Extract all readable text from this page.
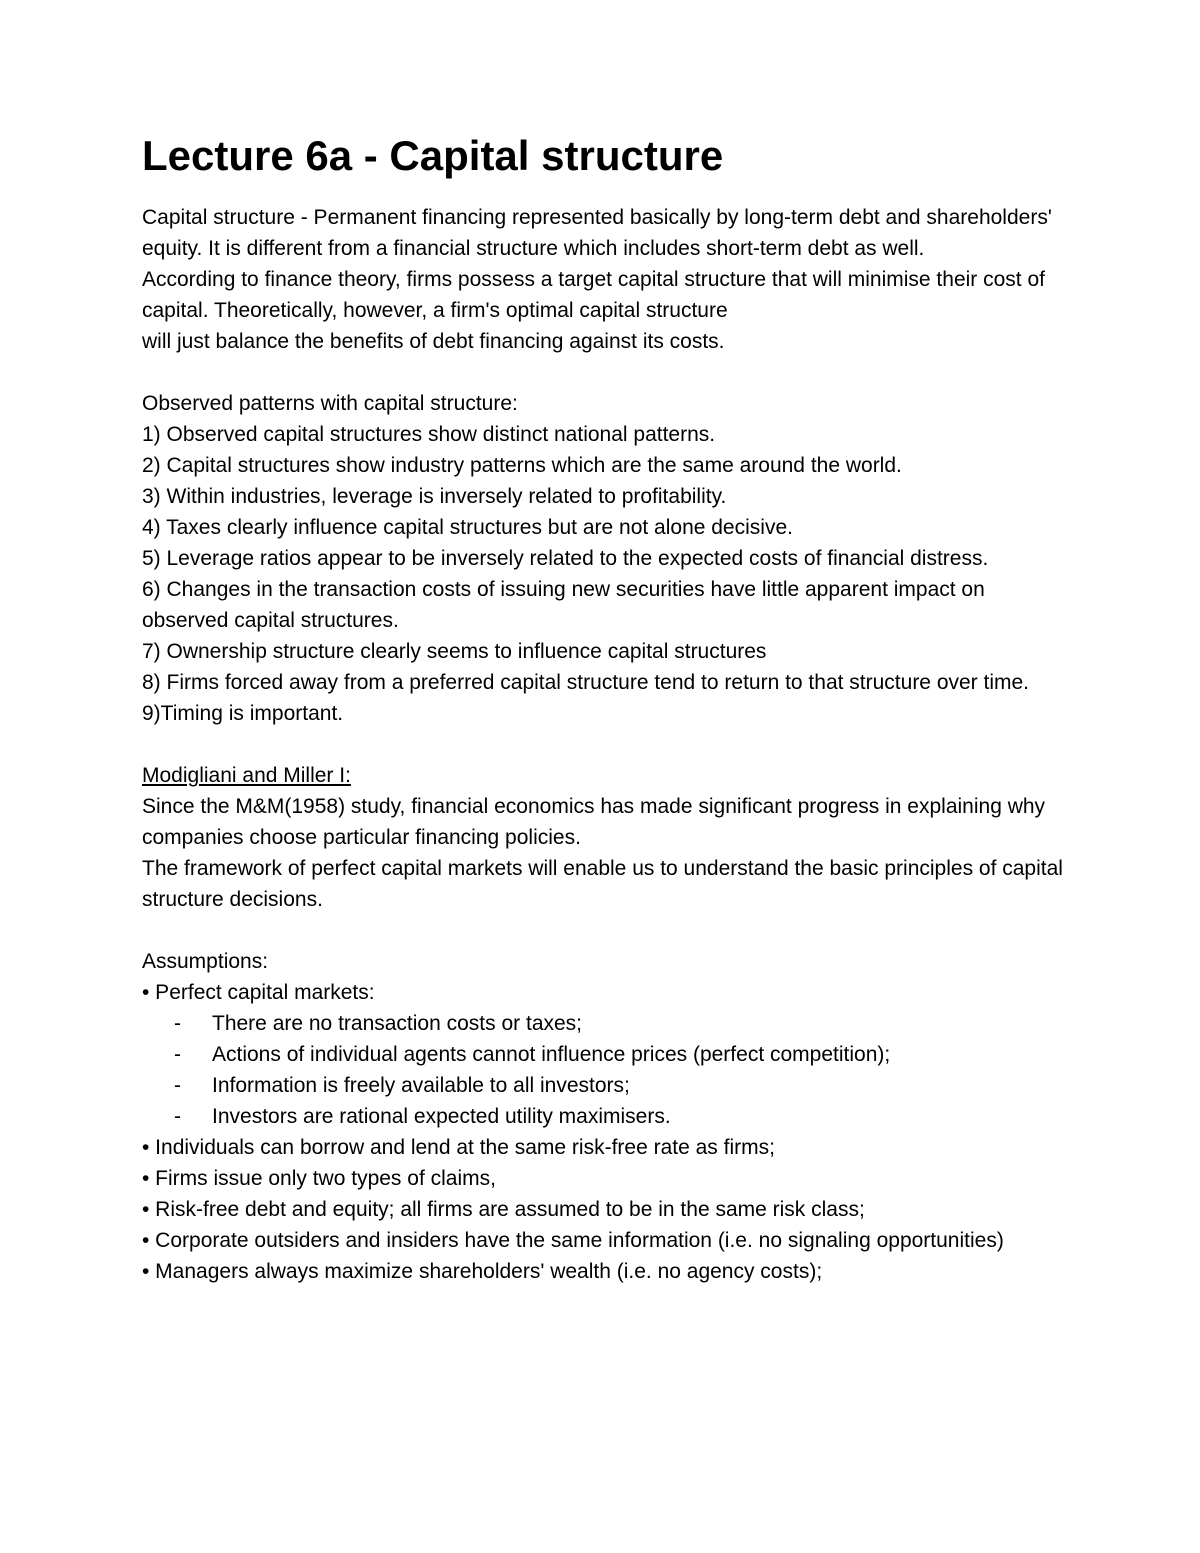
Lecture 6a - Capital structure

Capital structure - Permanent financing represented basically by long-term debt and shareholders' equity. It is different from a financial structure which includes short-term debt as well.

According to finance theory, firms possess a target capital structure that will minimise their cost of capital. Theoretically, however, a firm's optimal capital structure

will just balance the benefits of debt financing against its costs.

Observed patterns with capital structure:

1) Observed capital structures show distinct national patterns.
2) Capital structures show industry patterns which are the same around the world.
3) Within industries, leverage is inversely related to profitability.
4) Taxes clearly influence capital structures but are not alone decisive.
5) Leverage ratios appear to be inversely related to the expected costs of financial distress.
6) Changes in the transaction costs of issuing new securities have little apparent impact on observed capital structures.
7) Ownership structure clearly seems to influence capital structures
8) Firms forced away from a preferred capital structure tend to return to that structure over time.
9)Timing is important.

Modigliani and Miller I:

Since the M&M(1958) study, financial economics has made significant progress in explaining why companies choose particular financing policies.

The framework of perfect capital markets will enable us to understand the basic principles of capital structure decisions.

Assumptions:

• Perfect capital markets:
- There are no transaction costs or taxes;
- Actions of individual agents cannot influence prices (perfect competition);
- Information is freely available to all investors;
- Investors are rational expected utility maximisers.
• Individuals can borrow and lend at the same risk-free rate as firms;
• Firms issue only two types of claims,
• Risk-free debt and equity; all firms are assumed to be in the same risk class;
• Corporate outsiders and insiders have the same information (i.e. no signaling opportunities)
• Managers always maximize shareholders' wealth (i.e. no agency costs);
